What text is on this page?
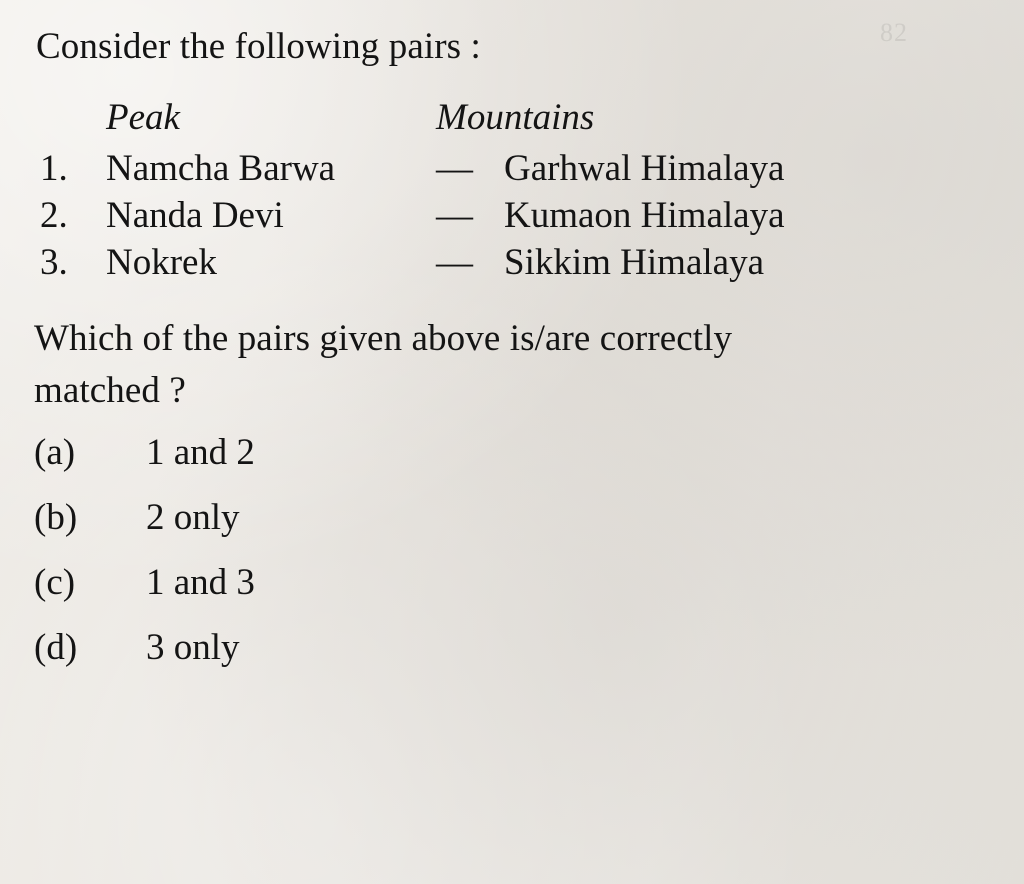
82

Consider the following pairs :

Peak	Mountains
1.	Namcha Barwa	— Garhwal Himalaya
2.	Nanda Devi	— Kumaon Himalaya
3.	Nokrek	— Sikkim Himalaya
Which of the pairs given above is/are correctly
matched ?
(a)	1 and 2
(b)	2 only
(c)	1 and 3
(d)	3 only
